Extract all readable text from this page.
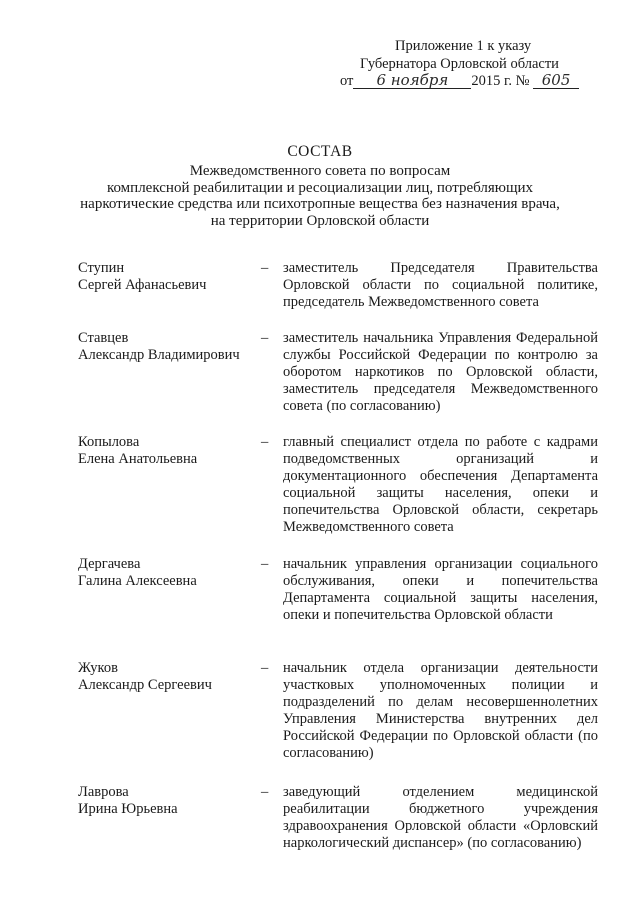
Приложение 1 к указу
Губернатора Орловской области
от 6 ноября 2015 г. № 605
СОСТАВ
Межведомственного совета по вопросам
комплексной реабилитации и ресоциализации лиц, потребляющих
наркотические средства или психотропные вещества без назначения врача,
на территории Орловской области
Ступин
Сергей Афанасьевич
– заместитель Председателя Правительства Орловской области по социальной политике, председатель Межведомственного совета
Ставцев
Александр Владимирович
– заместитель начальника Управления Федеральной службы Российской Федерации по контролю за оборотом наркотиков по Орловской области, заместитель председателя Межведомственного совета (по согласованию)
Копылова
Елена Анатольевна
– главный специалист отдела по работе с кадрами подведомственных организаций и документационного обеспечения Департамента социальной защиты населения, опеки и попечительства Орловской области, секретарь Межведомственного совета
Дергачева
Галина Алексеевна
– начальник управления организации социального обслуживания, опеки и попечительства Департамента социальной защиты населения, опеки и попечительства Орловской области
Жуков
Александр Сергеевич
– начальник отдела организации деятельности участковых уполномоченных полиции и подразделений по делам несовершеннолетних Управления Министерства внутренних дел Российской Федерации по Орловской области (по согласованию)
Лаврова
Ирина Юрьевна
– заведующий отделением медицинской реабилитации бюджетного учреждения здравоохранения Орловской области «Орловский наркологический диспансер» (по согласованию)
